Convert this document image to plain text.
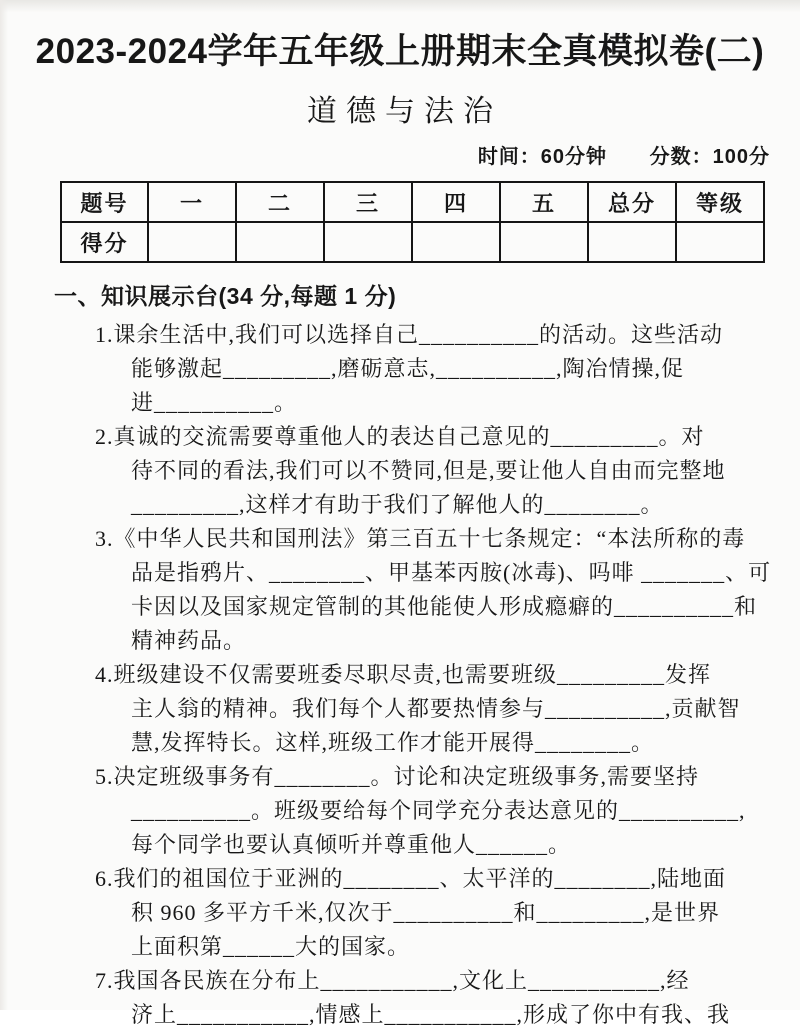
2023-2024学年五年级上册期末全真模拟卷(二)
道德与法治
时间：60分钟 分数：100分
题号	一	二	三	四	五	总分	等级
得分							
一、知识展示台(34 分,每题 1 分)
1.课余生活中,我们可以选择自己__________的活动。这些活动
能够激起_________,磨砺意志,__________,陶冶情操,促
进__________。
2.真诚的交流需要尊重他人的表达自己意见的_________。对
待不同的看法,我们可以不赞同,但是,要让他人自由而完整地
_________,这样才有助于我们了解他人的________。
3.《中华人民共和国刑法》第三百五十七条规定：“本法所称的毒
品是指鸦片、________、甲基苯丙胺(冰毒)、吗啡 _______、可
卡因以及国家规定管制的其他能使人形成瘾癖的__________和
精神药品。
4.班级建设不仅需要班委尽职尽责,也需要班级_________发挥
主人翁的精神。我们每个人都要热情参与__________,贡献智
慧,发挥特长。这样,班级工作才能开展得________。
5.决定班级事务有________。讨论和决定班级事务,需要坚持
__________。班级要给每个同学充分表达意见的__________,
每个同学也要认真倾听并尊重他人______。
6.我们的祖国位于亚洲的________、太平洋的________,陆地面
积 960 多平方千米,仅次于__________和_________,是世界
上面积第______大的国家。
7.我国各民族在分布上___________,文化上___________,经
济上___________,情感上___________,形成了你中有我、我
